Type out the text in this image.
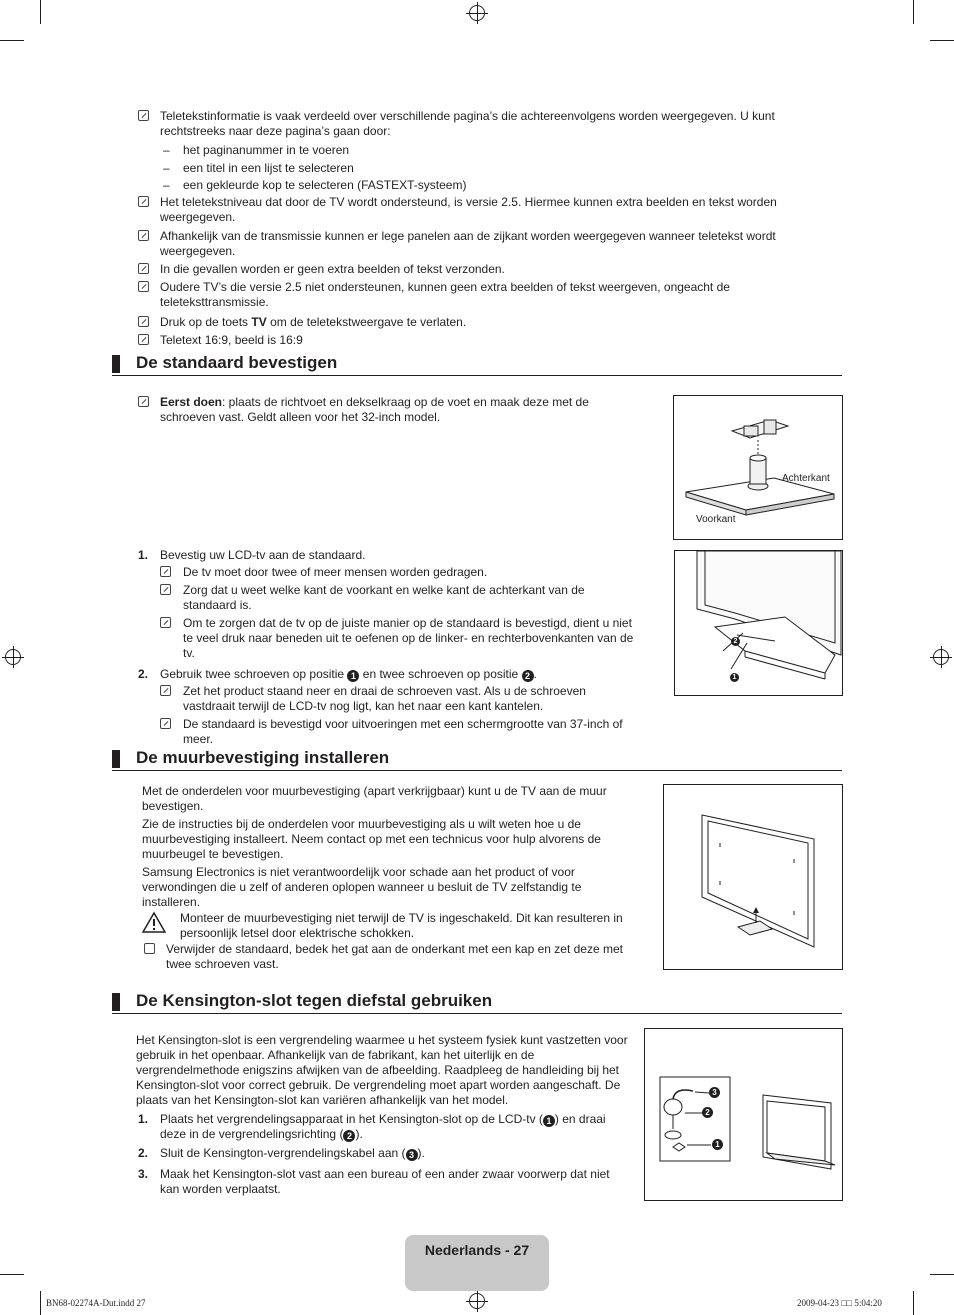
Teletekstinformatie is vaak verdeeld over verschillende pagina’s die achtereenvolgens worden weergegeven. U kunt rechtstreeks naar deze pagina’s gaan door:
– het paginanummer in te voeren
– een titel in een lijst te selecteren
– een gekleurde kop te selecteren (FASTEXT-systeem)
Het teletekstniveau dat door de TV wordt ondersteund, is versie 2.5. Hiermee kunnen extra beelden en tekst worden weergegeven.
Afhankelijk van de transmissie kunnen er lege panelen aan de zijkant worden weergegeven wanneer teletekst wordt weergegeven.
In die gevallen worden er geen extra beelden of tekst verzonden.
Oudere TV’s die versie 2.5 niet ondersteunen, kunnen geen extra beelden of tekst weergeven, ongeacht de teleteksttransmissie.
Druk op de toets TV om de teletekstweergave te verlaten.
Teletext 16:9, beeld is 16:9
De standaard bevestigen
Eerst doen: plaats de richtvoet en dekselkraag op de voet en maak deze met de schroeven vast. Geldt alleen voor het 32-inch model.
Achterkant
Voorkant
1. Bevestig uw LCD-tv aan de standaard.
De tv moet door twee of meer mensen worden gedragen.
Zorg dat u weet welke kant de voorkant en welke kant de achterkant van de standaard is.
Om te zorgen dat de tv op de juiste manier op de standaard is bevestigd, dient u niet te veel druk naar beneden uit te oefenen op de linker- en rechterbovenkanten van de tv.
2. Gebruik twee schroeven op positie 1 en twee schroeven op positie 2 .
Zet het product staand neer en draai de schroeven vast. Als u de schroeven vastdraait terwijl de LCD-tv nog ligt, kan het naar een kant kantelen.
De standaard is bevestigd voor uitvoeringen met een schermgrootte van 37-inch of meer.
2
1
De muurbevestiging installeren
Met de onderdelen voor muurbevestiging (apart verkrijgbaar) kunt u de TV aan de muur bevestigen.
Zie de instructies bij de onderdelen voor muurbevestiging als u wilt weten hoe u de muurbevestiging installeert. Neem contact op met een technicus voor hulp alvorens de muurbeugel te bevestigen.
Samsung Electronics is niet verantwoordelijk voor schade aan het product of voor verwondingen die u zelf of anderen oplopen wanneer u besluit de TV zelfstandig te installeren.
Monteer de muurbevestiging niet terwijl de TV is ingeschakeld. Dit kan resulteren in persoonlijk letsel door elektrische schokken.
Verwijder de standaard, bedek het gat aan de onderkant met een kap en zet deze met twee schroeven vast.
De Kensington-slot tegen diefstal gebruiken
Het Kensington-slot is een vergrendeling waarmee u het systeem fysiek kunt vastzetten voor gebruik in het openbaar. Afhankelijk van de fabrikant, kan het uiterlijk en de vergrendelmethode enigszins afwijken van de afbeelding. Raadpleeg de handleiding bij het Kensington-slot voor correct gebruik. De vergrendeling moet apart worden aangeschaft. De plaats van het Kensington-slot kan variëren afhankelijk van het model.
1. Plaats het vergrendelingsapparaat in het Kensington-slot op de LCD-tv ( 1 ) en draai deze in de vergrendelingsrichting ( 2 ).
2. Sluit de Kensington-vergrendelingskabel aan ( 3 ).
3. Maak het Kensington-slot vast aan een bureau of een ander zwaar voorwerp dat niet kan worden verplaatst.
3
2
1
Nederlands - 27
BN68-02274A-Dut.indd 27	2009-04-23 □□ 5:04:20
